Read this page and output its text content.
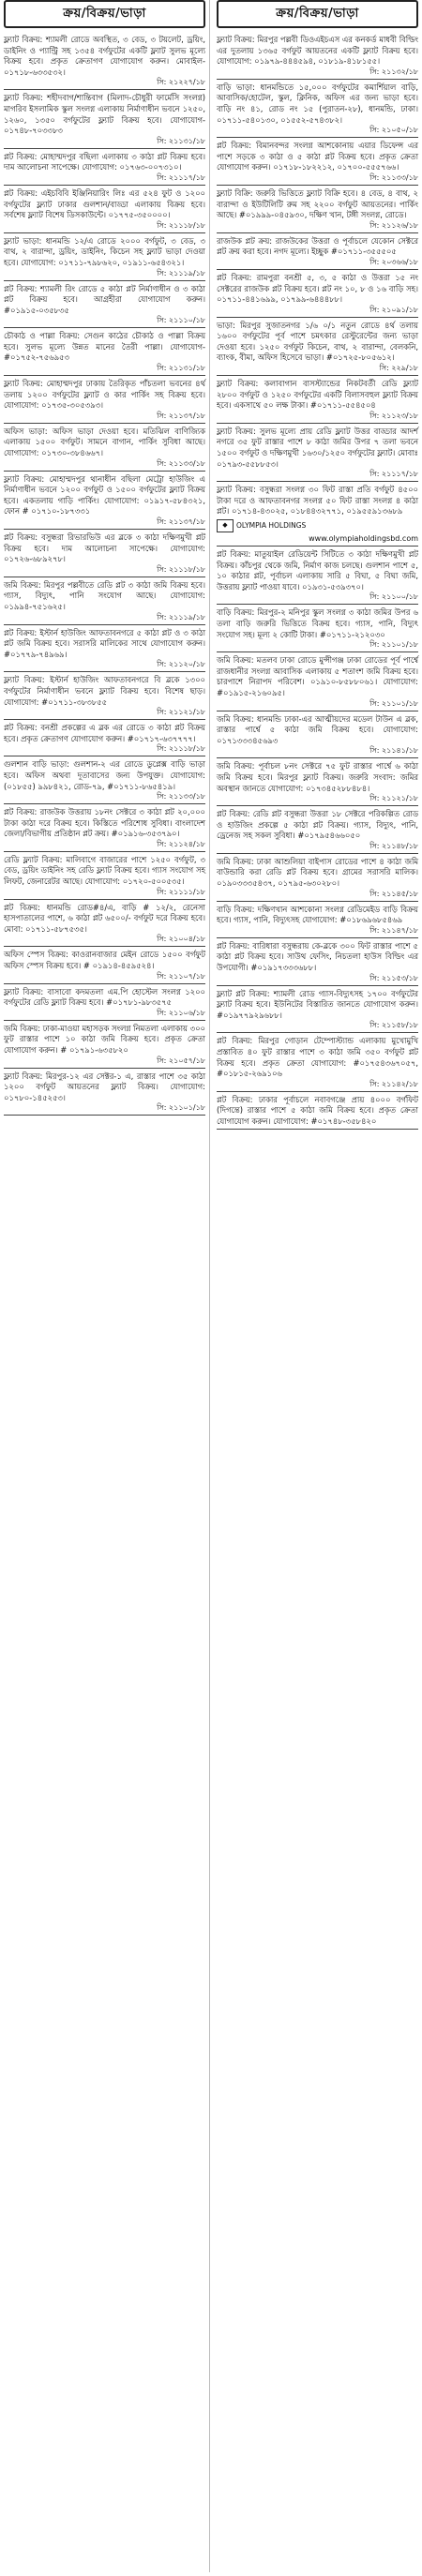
ক্রয়/বিক্রয়/ভাড়া
ফ্ল্যাট বিক্রয়: শ্যামলী রোডে অবস্থিত, ৩ বেড, ৩ টয়লেট, ড্রয়িং, ডাইনিং ও প্যান্ট্রি সহ ১৩৫৪ বর্গফুটের একটি ফ্ল্যাট সুলভ মূল্যে বিক্রয় হবে। প্রকৃত ক্রেতাগণ যোগাযোগ করুন। মোবাইল- ০১৭১৮-৬৩৩৫৩২।
সি: ২১২২৭/১৮
ফ্ল্যাট বিক্রয়: শহীদবাগ/শান্তিবাগ (মিলাদ-চৌধুরী ফার্মেসি সংলগ্ন) মাগরিব ইসলামিক স্কুল সংলগ্ন এলাকায় নির্মাণাধীন ভবনে ১২৫০, ১২৬০, ১৩৫০ বর্গফুটের ফ্ল্যাট বিক্রয় হবে। যোগাযোগ- ০১৭৪৮-৭০৩৩৮৩
সি: ২১১৩১/১৮
প্লট বিক্রয়: মোহাম্মদপুর বছিলা এলাকায় ৩ কাঠা প্লট বিক্রয় হবে। দাম আলোচনা সাপেক্ষে। যোগাযোগ: ০১৭৬৩-০০৭৩১০।
সি: ২১১১৭/১৮
প্লট বিক্রয়: এইচবিবি ইঞ্জিনিয়ারিং লিঃ এর ৫২৪ ফুট ও ১২০০ বর্গফুটের ফ্ল্যাট ঢাকার গুলশান/বাড্ডা এলাকায় বিক্রয় হবে। সর্বশেষ ফ্ল্যাট বিশেষ ডিসকাউন্টে। ০১৭৭৫-৩৫০০০০।
সি: ২১১১৮/১৮
ফ্ল্যাট ভাড়া: ধানমন্ডি ১২/এ রোডে ২০০০ বর্গফুট, ৩ বেড, ৩ বাথ, ২ বারান্দা, ড্রয়িং, ডাইনিং, কিচেন সহ ফ্ল্যাট ভাড়া দেওয়া হবে। যোগাযোগ: ০১৭১১-৭৯৮৬২০, ০১৯১১-৬৫৪৩২১।
সি: ২১১১৯/১৮
প্লট বিক্রয়: শ্যামলী রিং রোডে ৫ কাঠা প্লট নির্মাণাধীন ও ৩ কাঠা প্লট বিক্রয় হবে। আগ্রহীরা যোগাযোগ করুন। #০১৯১৫-০৩৫৮৩৫
সি: ২১১১০/১৮
চৌকাঠ ও পাল্লা বিক্রয়: সেগুন কাঠের চৌকাঠ ও পাল্লা বিক্রয় হবে। সুলভ মূল্যে উন্নত মানের তৈরী পাল্লা। যোগাযোগ- #০১৭৫২-৭৫৬৯৫৩
সি: ২১১৩১/১৮
ফ্ল্যাট বিক্রয়: মোহাম্মদপুর ঢাকায় তৈরিকৃত পাঁচতলা ভবনের ৪র্থ তলায় ১২০০ বর্গফুটের ফ্ল্যাট ও কার পার্কিং সহ বিক্রয় হবে। যোগাযোগ: ০১৭৩৫-৩০৫৩৯৩।
সি: ২১১৩৭/১৮
অফিস ভাড়া: অফিস ভাড়া দেওয়া হবে। মতিঝিল বাণিজ্যিক এলাকায় ১৫০০ বর্গফুট। সামনে বাগান, পার্কিং সুবিধা আছে। যোগাযোগ: ০১৭৩০-৩৮৪৬৬৭।
সি: ২১১৩৩/১৮
ফ্ল্যাট বিক্রয়: মোহাম্মদপুর থানাধীন বছিলা মেট্রো হাউজিং এ নির্মাণাধীন ভবনে ১২০০ বর্গফুট ও ১৫০০ বর্গফুটের ফ্ল্যাট বিক্রয় হবে। একতলায় গাড়ি পার্কিং। যোগাযোগ: ০১৯১৭-৫৮৪৩২১, ফোন # ০১৭১০-১৮৭৩৩১
সি: ২১১৩৭/১৮
প্লট বিক্রয়: বসুন্ধরা রিভারভিউ এর ব্লকে ৩ কাঠা দক্ষিণমুখী প্লট বিক্রয় হবে। দাম আলোচনা সাপেক্ষে। যোগাযোগ: ০১৭২৬-৬৮৯২৭৮।
সি: ২১১১৮/১৮
জমি বিক্রয়: মিরপুর পল্লবীতে রেডি প্লট ৩ কাঠা জমি বিক্রয় হবে। গ্যাস, বিদ্যুৎ, পানি সংযোগ আছে। যোগাযোগ: ০১৯৯৪-৭৫১৬২৫।
সি: ২১১১৯/১৮
প্লট বিক্রয়: ইস্টার্ন হাউজিং আফতাবনগরে ৫ কাঠা প্লট ও ৩ কাঠা প্লট জমি বিক্রয় হবে। সরাসরি মালিকের সাথে যোগাযোগ করুন। #০১৭৭৯-৭৪৯৬৯।
সি: ২১১২০/১৮
ফ্ল্যাট বিক্রয়: ইস্টার্ন হাউজিং আফতাবনগরে বি ব্লকে ১৩০০ বর্গফুটের নির্মাণাধীন ভবনে ফ্ল্যাট বিক্রয় হবে। বিশেষ ছাড়। যোগাযোগ: #০১৭১১-৩৮৩৮৫৫
সি: ২১১২১/১৮
প্লট বিক্রয়: বনশ্রী প্রকল্পের এ ব্লক এর রোডে ৩ কাঠা প্লট বিক্রয় হবে। প্রকৃত ক্রেতাগণ যোগাযোগ করুন। #০১৭১৭-৬৩৭৭৭৭।
সি: ২১১১৮/১৮
গুলশান বাড়ি ভাড়া: গুলশান-২ এর রোডে ডুপ্লেক্স বাড়ি ভাড়া হবে। অফিস অথবা দূতাবাসের জন্য উপযুক্ত। যোগাযোগ: (০১৮৫৫) ৯৯৮৪২১, রোড-৭৯, #০১৭১১-৮৬৫৪১৯।
সি: ২১১৩৩/১৮
প্লট বিক্রয়: রাজউক উত্তরায় ১৮নং সেক্টরে ৩ কাঠা প্লট ২০,০০০ টাকা কাঠা দরে বিক্রয় হবে। কিস্তিতে পরিশোধ সুবিধা। বাংলাদেশ জেলা/বিভাগীয় প্রতিষ্ঠান প্লট ক্রয়। #০১৯১৬-৩৫৩৭৯০।
সি: ২১১২৪/১৮
রেডি ফ্ল্যাট বিক্রয়: মালিবাগে বাজারের পাশে ১২৫০ বর্গফুট, ৩ বেড, ড্রয়িং ডাইনিং সহ রেডি ফ্ল্যাট বিক্রয় হবে। গ্যাস সংযোগ সহ লিফট, জেনারেটর আছে। যোগাযোগ: ০১৭২০-৫০০৫৩৫।
সি: ২১১১১/১৮
প্লট বিক্রয়: ধানমন্ডি রোড#৪/এ, বাড়ি # ১২/২, রেনেসা হাসপাতালের পাশে, ৬ কাঠা প্লট ৬৫০০/- বর্গফুট দরে বিক্রয় হবে। মোবা: ০১৭১১-৫৮৭৫৩৫।
সি: ২১০০৪/১৮
অফিস স্পেস বিক্রয়: কাওরানবাজার মেইন রোডে ১৫০০ বর্গফুট অফিস স্পেস বিক্রয় হবে। # ০১৯১৪-৪৫৯৫২৪।
সি: ২১১০৭/১৮
ফ্ল্যাট বিক্রয়: বাসাবো কদমতলা এম.পি হোস্টেল সংলগ্ন ১২০০ বর্গফুটের রেডি ফ্ল্যাট বিক্রয় হবে। #০১৭৮১-৯৮৩৫৭৫
সি: ২১১০৬/১৮
জমি বিক্রয়: ঢাকা-মাওয়া মহাসড়ক সংলগ্ন নিমতলা এলাকায় ৩০০ ফুট রাস্তার পাশে ১০ কাঠা জমি বিক্রয় হবে। প্রকৃত ক্রেতা যোগাযোগ করুন। # ০১৭৯১-৬৩৫৮২০
সি: ২১০৫৭/১৮
ফ্ল্যাট বিক্রয়: মিরপুর-১২ এর সেক্টর-১ এ, রাস্তার পাশে ৩৫ কাঠা ১২০০ বর্গফুট আয়তনের ফ্ল্যাট বিক্রয়। যোগাযোগ: ০১৭৮০-১৪৫২৫৩।
সি: ২১১০১/১৮
ক্রয়/বিক্রয়/ভাড়া
ফ্ল্যাট বিক্রয়: মিরপুর পল্লবী ডিওএইচএস এর কনকর্ড মাধবী বিল্ডিং এর দুতলায় ১৩৬৫ বর্গফুট আয়তনের একটি ফ্ল্যাট বিক্রয় হবে। যোগাযোগ: ০১৯৭৯-৪৪৪৫৯৪, ০১৮১৯-৪১৮১৫৫।
সি: ২১১৩২/১৮
বাড়ি ভাড়া: ধানমন্ডিতে ১৫,০০০ বর্গফুটের কমার্শিয়াল বাড়ি, আবাসিক/হোটেল, স্কুল, ক্লিনিক, অফিস এর জন্য ভাড়া হবে। বাড়ি নং ৪১, রোড নং ১৫ (পুরাতন-২৮), ধানমন্ডি, ঢাকা। ০১৭১১-৫৪০১৩০, ০১৫৫২-৫৭৪৩৮২।
সি: ২১০৫০/১৮
প্লট বিক্রয়: বিমানবন্দর সংলগ্ন আশকোনায় এয়ার ডিফেন্স এর পাশে সড়কে ৩ কাঠা ও ৫ কাঠা প্লট বিক্রয় হবে। প্রকৃত ক্রেতা যোগাযোগ করুন। ০১৭১৮-১৮২২১২, ০১৭০০-৫৫৫৭৬৬।
সি: ২১১৩৩/১৮
ফ্ল্যাট বিক্রি: জরুরি ভিত্তিতে ফ্ল্যাট বিক্রি হবে। ৪ বেড, ৪ বাথ, ২ বারান্দা ও ইউটিলিটি রুম সহ ২২০০ বর্গফুট আয়তনের। পার্কিং আছে। #০১৯৯৯-০৪৫৯৩০, দক্ষিণ খান, টঙ্গী সংলগ্ন, রোডে।
সি: ২১১২৬/১৮
রাজউক প্লট ক্রয়: রাজউকের উত্তরা ও পূর্বাচলে যেকোন সেক্টরে প্লট ক্রয় করা হবে। নগদ মূল্যে। ইচ্ছুক #০১৭১১-৩৫৫৫০৫
সি: ২০৩৬৬/১৮
প্লট বিক্রয়: রামপুরা বনশ্রী ৫, ৩, ৫ কাঠা ও উত্তরা ১৫ নং সেক্টরের রাজউক প্লট বিক্রয় হবে। প্লট নং ১০, ৮ ও ১৬ বাড়ি সহ। ০১৭১১-৪৪১৬৯৯, ০১৭৯৯-৬৪৪৪৮৮।
সি: ২১০৯১/১৮
ভাড়া: মিরপুর সুজাতনগর ১/৬ ০/১ নতুন রোডে ৪র্থ তলায় ১৬০০ বর্গফুটের পূর্ব পাশে চমৎকার রেস্টুরেন্টের জন্য ভাড়া দেওয়া হবে। ১২৫০ বর্গফুট কিচেন, বাথ, ২ বারান্দা, বেলকনি, ব্যাংক, বীমা, অফিস হিসেবে ভাড়া। #০১৭২৫-৮০৫৬১২।
সি: ২২৯/১৮
ফ্ল্যাট বিক্রয়: কলাবাগান বাসস্ট্যান্ডের নিকটবর্তী রেডি ফ্ল্যাট ২৮০০ বর্গফুট ও ১২৫০ বর্গফুটের একটি বিলাসবহুল ফ্ল্যাট বিক্রয় হবে। একসাথে ৫০ লক্ষ টাকা। #০১৭১১-৫৫৪৫০৪
সি: ২১১২৩/১৮
ফ্ল্যাট বিক্রয়: সুলভ মূল্যে প্রায় রেডি ফ্ল্যাট উত্তর বাড্ডার আদর্শ নগরে ৩৫ ফুট রাস্তার পাশে ৮ কাঠা জমির উপর ৭ তলা ভবনে ১৫০০ বর্গফুট ও দক্ষিণমুখী ১৬৩০/১২৫০ বর্গফুটের ফ্ল্যাট। মোবাঃ ০১৭৯৩-৫৫৮৮৫৩।
সি: ২১১১৭/১৮
ফ্ল্যাট বিক্রয়: বসুন্ধরা সংলগ্ন ৩০ ফিট রাস্তা প্রতি বর্গফুট ৪৫০০ টাকা দরে ও আফতাবনগর সংলগ্ন ৫০ ফিট রাস্তা সংলগ্ন ৪ কাঠা প্লট। ০১৭১৪-৪৩০২৫, ০১৮৪৪৩২৭৭১, ০১৯৫৫৯১৩৬৮৯
◆	OLYMPIA HOLDINGS
www.olympiaholdingsbd.com
প্লট বিক্রয়: মাতুয়াইল রেডিয়েন্ট সিটিতে ৩ কাঠা দক্ষিণমুখী প্লট বিক্রয়। কাঁচপুর থেকে জমি, নির্মাণ কাজ চলছে। গুলশান পাশে ৫, ১০ কাঠার প্লট, পূর্বাচল এলাকায় সারি ৫ বিঘা, ৫ বিঘা জমি, উত্তরায় ফ্ল্যাট পাওয়া যাবে। ০১৯৩১-৫৩৯৩৭০।
সি: ২১১০০/১৮
বাড়ি বিক্রয়: মিরপুর-২ মনিপুর স্কুল সংলগ্ন ৩ কাঠা জমির উপর ৬ তলা বাড়ি জরুরি ভিত্তিতে বিক্রয় হবে। গ্যাস, পানি, বিদ্যুৎ সংযোগ সহ। মূল্য ২ কোটি টাকা। #০১৭১১-২১২০৩০
সি: ২১১০১/১৮
জমি বিক্রয়: মতলব ঢাকা রোডে মুন্সীগঞ্জ ঢাকা রোডের পূর্ব পার্শ্বে রাজধানীর সংলগ্ন আবাসিক এলাকায় ৫ শতাংশ জমি বিক্রয় হবে। চারপাশে নিরাপদ পরিবেশ। ০১৯১০-৮৫৮৮০৬১। যোগাযোগ: #০১৯১৫-২১৬০৯৫।
সি: ২১১০১/১৮
জমি বিক্রয়: ধানমন্ডি ঢাকা-এর আত্মীয়দের মডেল টাউন এ ব্লক, রাস্তার পার্শ্বে ৫ কাঠা জমি বিক্রয় হবে। যোগাযোগ: ০১৭১৩৩৩৪৫৬৯৩
সি: ২১১৪১/১৮
জমি বিক্রয়: পূর্বাচল ৮নং সেক্টরে ৭৫ ফুট রাস্তার পার্শ্বে ৬ কাঠা জমি বিক্রয় হবে। মিরপুর ফ্ল্যাট বিক্রয়। জরুরি সংবাদ: জমির অবস্থান জানতে যোগাযোগ: ০১৭৩৪৫২৮৮৪৮৪।
সি: ২১১২১/১৮
প্লট বিক্রয়: রেডি প্লট বসুন্ধরা উত্তরা ১৮ সেক্টরে পরিকল্পিত রোড ও হাউজিং প্রকল্পে ৫ কাঠা প্লট বিক্রয়। গ্যাস, বিদ্যুৎ, পানি, ড্রেনেজ সহ সকল সুবিধা। #০১৭৯৫৪৬৬০৫০
সি: ২১১৪৮/১৮
জমি বিক্রয়: ঢাকা আশুলিয়া বাইপাস রোডের পাশে ৪ কাঠা জমি বাউন্ডারি করা রেডি প্লট বিক্রয় হবে। গ্রামের সরাসরি মালিক। ০১৯০৩৩৩৫৪৩৭, ০১৭৯৫-৬৩০২৮০।
সি: ২১১৪৫/১৮
বাড়ি বিক্রয়: দক্ষিণখান আশকোনা সংলগ্ন রেডিমেইড বাড়ি বিক্রয় হবে। গ্যাস, পানি, বিদ্যুৎসহ যোগাযোগ: #০১৮৬৯৬৮৫৪৬৯
সি: ২১১৪৭/১৮
প্লট বিক্রয়: বারিধারা বসুন্ধরায় কে-ব্লকে ৩০০ ফিট রাস্তার পাশে ৫ কাঠা প্লট বিক্রয় হবে। সাউথ ফেসিং, নিচতলা হাউস বিল্ডিং এর উপযোগী। #০১৯১৭৩৩৩৬৮৮।
সি: ২১১৫৩/১৮
ফ্ল্যাট প্লট বিক্রয়: শ্যামলী রোড গ্যাস-বিদ্যুৎসহ ১৭০০ বর্গফুটের ফ্ল্যাট বিক্রয় হবে। ইউনিটের বিস্তারিত জানতে যোগাযোগ করুন। #০১৯৭৭৯২৯৬৮৮।
সি: ২১১৫৮/১৮
প্লট বিক্রয়: মিরপুর গোড়ান টেম্পোস্ট্যান্ড এলাকায় মুখোমুখি প্রস্তাবিত ৪০ ফুট রাস্তার পাশে ৩ কাঠা জমি ৩৫০ বর্গফুট প্লট বিক্রয় হবে। প্রকৃত ক্রেতা যোগাযোগ: #০১৭৫৪৩৬৭০৫৭, #০১৮১৫-২৬৯১০৬
সি: ২১১৪২/১৮
প্লট বিক্রয়: ঢাকার পূর্বাচলে নবাবগঞ্জে প্রায় ৪০০০ বর্গফিট (দিগন্তে) রাস্তার পাশে ৫ কাঠা জমি বিক্রয় হবে। প্রকৃত ক্রেতা যোগাযোগ করুন। যোগাযোগ: #০১৭৪৮-৩৫৮৪২০
